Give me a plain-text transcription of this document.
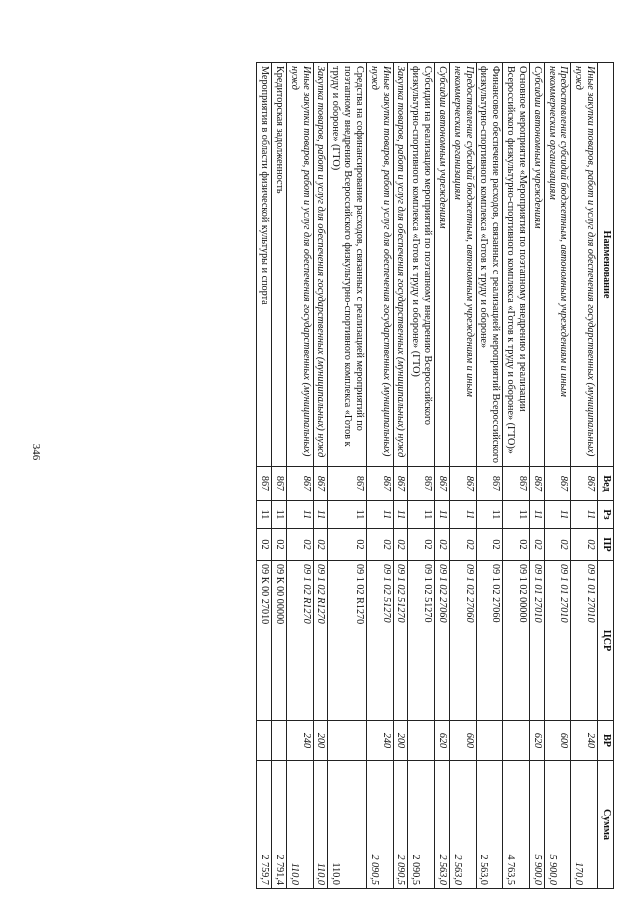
346
Наименование	Вед	Рз	ПР	ЦСР	ВР	Сумма
Иные закупки товаров, работ и услуг для обеспечения государственных (муниципальных) нужд	867	11	02	09 1 01 27010	240	170,0
Предоставление субсидий бюджетным, автономным учреждениям и иным некоммерческим организациям	867	11	02	09 1 01 27010	600	5 900,0
Субсидии автономным учреждениям	867	11	02	09 1 01 27010	620	5 900,0
Основное мероприятие «Мероприятия по поэтапному внедрению и реализации Всероссийского физкультурно-спортивного комплекса «Готов к труду и обороне» (ГТО)»	867	11	02	09 1 02 00000		4 763,5
Финансовое обеспечение расходов, связанных с реализацией мероприятий Всероссийского физкультурно-спортивного комплекса «Готов к труду и обороне»	867	11	02	09 1 02 27060		2 563,0
Предоставление субсидий бюджетным, автономным учреждениям и иным некоммерческим организациям	867	11	02	09 1 02 27060	600	2 563,0
Субсидии автономным учреждениям	867	11	02	09 1 02 27060	620	2 563,0
Субсидии на реализацию мероприятий по поэтапному внедрению Всероссийского физкультурно-спортивного комплекса «Готов к труду и обороне» (ГТО)	867	11	02	09 1 02 51270		2 090,5
Закупка товаров, работ и услуг для обеспечения государственных (муниципальных) нужд	867	11	02	09 1 02 51270	200	2 090,5
Иные закупки товаров, работ и услуг для обеспечения государственных (муниципальных) нужд	867	11	02	09 1 02 51270	240	2 090,5
Средства на софинансирование расходов, связанных с реализацией мероприятий по поэтапному внедрению Всероссийского физкультурно-спортивного комплекса «Готов к труду и обороне» (ГТО)	867	11	02	09 1 02 R1270		110,0
Закупка товаров, работ и услуг для обеспечения государственных (муниципальных) нужд	867	11	02	09 1 02 R1270	200	110,0
Иные закупки товаров, работ и услуг для обеспечения государственных (муниципальных) нужд	867	11	02	09 1 02 R1270	240	110,0
Кредиторская задолженность	867	11	02	09 К 00 00000		2 791,4
Мероприятия в области физической культуры и спорта	867	11	02	09 К 00 27010		2 759,7
